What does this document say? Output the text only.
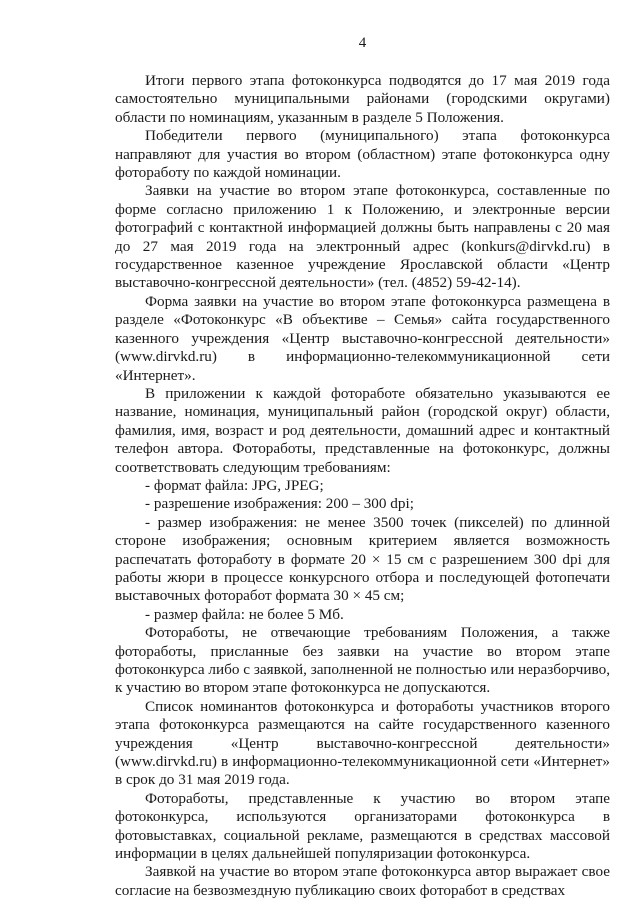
4

Итоги первого этапа фотоконкурса подводятся до 17 мая 2019 года самостоятельно муниципальными районами (городскими округами) области по номинациям, указанным в разделе 5 Положения.

Победители первого (муниципального) этапа фотоконкурса направляют для участия во втором (областном) этапе фотоконкурса одну фотоработу по каждой номинации.

Заявки на участие во втором этапе фотоконкурса, составленные по форме согласно приложению 1 к Положению, и электронные версии фотографий с контактной информацией должны быть направлены с 20 мая до 27 мая 2019 года на электронный адрес (konkurs@dirvkd.ru) в государственное казенное учреждение Ярославской области «Центр выставочно-конгрессной деятельности» (тел. (4852) 59-42-14).

Форма заявки на участие во втором этапе фотоконкурса размещена в разделе «Фотоконкурс «В объективе – Семья» сайта государственного казенного учреждения «Центр выставочно-конгрессной деятельности» (www.dirvkd.ru) в информационно-телекоммуникационной сети «Интернет».

В приложении к каждой фотоработе обязательно указываются ее название, номинация, муниципальный район (городской округ) области, фамилия, имя, возраст и род деятельности, домашний адрес и контактный телефон автора. Фотоработы, представленные на фотоконкурс, должны соответствовать следующим требованиям:

- формат файла: JPG, JPEG;

- разрешение изображения: 200 – 300 dpi;

- размер изображения: не менее 3500 точек (пикселей) по длинной стороне изображения; основным критерием является возможность распечатать фотоработу в формате 20 × 15 см с разрешением 300 dpi для работы жюри в процессе конкурсного отбора и последующей фотопечати выставочных фоторабот формата 30 × 45 см;

- размер файла: не более 5 Мб.

Фотоработы, не отвечающие требованиям Положения, а также фотоработы, присланные без заявки на участие во втором этапе фотоконкурса либо с заявкой, заполненной не полностью или неразборчиво, к участию во втором этапе фотоконкурса не допускаются.

Список номинантов фотоконкурса и фотоработы участников второго этапа фотоконкурса размещаются на сайте государственного казенного учреждения «Центр выставочно-конгрессной деятельности» (www.dirvkd.ru) в информационно-телекоммуникационной сети «Интернет» в срок до 31 мая 2019 года.

Фотоработы, представленные к участию во втором этапе фотоконкурса, используются организаторами фотоконкурса в фотовыставках, социальной рекламе, размещаются в средствах массовой информации в целях дальнейшей популяризации фотоконкурса.

Заявкой на участие во втором этапе фотоконкурса автор выражает свое согласие на безвозмездную публикацию своих фоторабот в средствах
